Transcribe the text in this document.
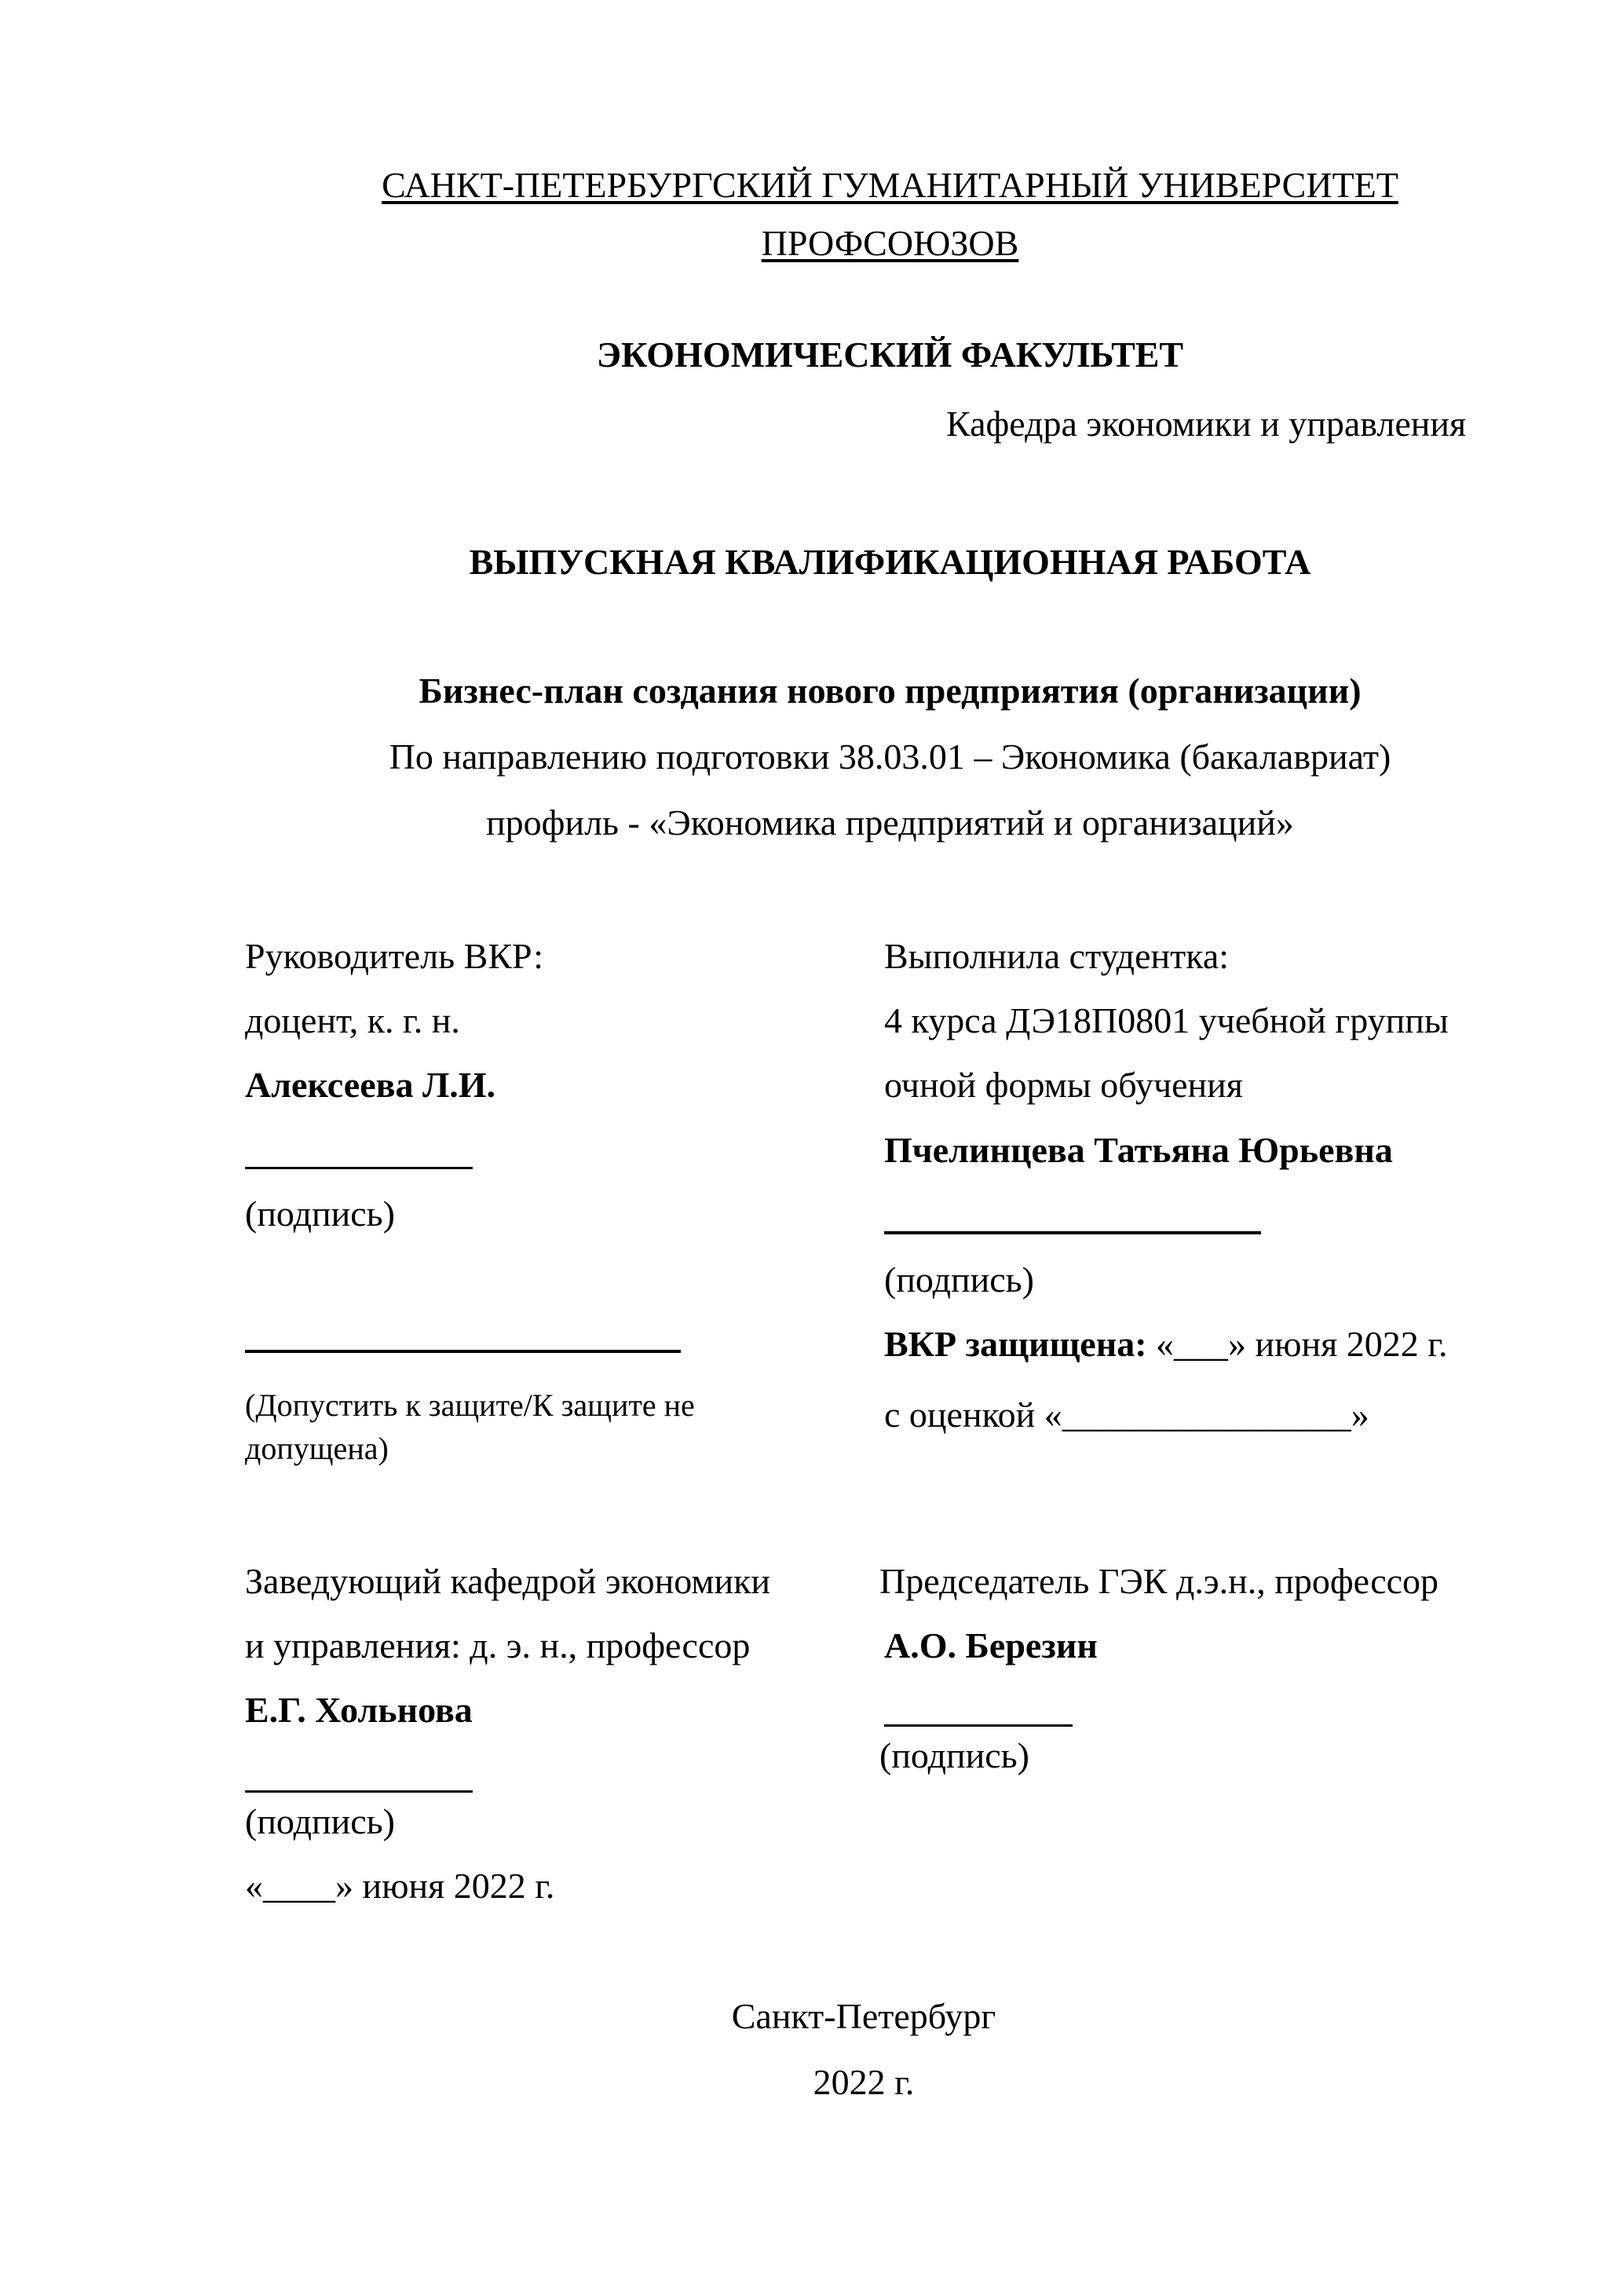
САНКТ-ПЕТЕРБУРГСКИЙ ГУМАНИТАРНЫЙ УНИВЕРСИТЕТ
ПРОФСОЮЗОВ
ЭКОНОМИЧЕСКИЙ ФАКУЛЬТЕТ
Кафедра экономики и управления
ВЫПУСКНАЯ КВАЛИФИКАЦИОННАЯ РАБОТА
Бизнес-план создания нового предприятия (организации)
По направлению подготовки 38.03.01 – Экономика (бакалавриат)
профиль - «Экономика предприятий и организаций»
Руководитель ВКР:
доцент, к. г. н.
Алексеева Л.И.
(подпись)
(Допустить к защите/К защите не
допущена)
Выполнила студентка:
4 курса ДЭ18П0801 учебной группы
очной формы обучения
Пчелинцева Татьяна Юрьевна
(подпись)
ВКР защищена: «___» июня 2022 г.
с оценкой «________________»
Заведующий кафедрой экономики
и управления: д. э. н., профессор
Е.Г. Хольнова
(подпись)
«____» июня 2022 г.
Председатель ГЭК д.э.н., профессор
А.О. Березин
(подпись)
Санкт-Петербург
2022 г.
